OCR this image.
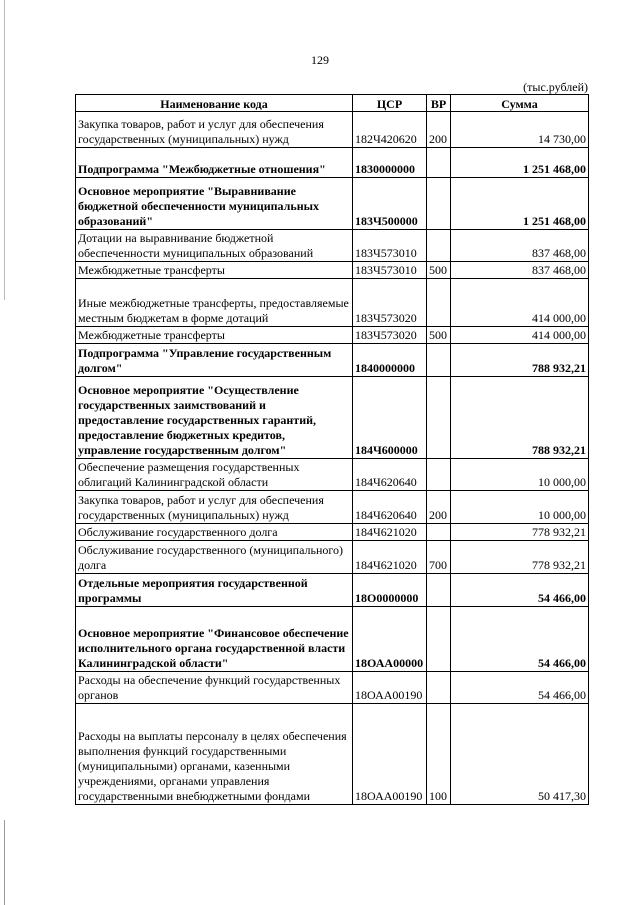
129
(тыс.рублей)
Наименование кода	ЦСР	ВР	Сумма
Закупка товаров, работ и услуг для обеспечения государственных (муниципальных) нужд	182Ч420620	200	14 730,00
Подпрограмма "Межбюджетные отношения"	1830000000		1 251 468,00
Основное мероприятие "Выравнивание бюджетной обеспеченности муниципальных образований"	183Ч500000		1 251 468,00
Дотации на выравнивание бюджетной обеспеченности муниципальных образований	183Ч573010		837 468,00
Межбюджетные трансферты	183Ч573010	500	837 468,00
Иные межбюджетные трансферты, предоставляемые местным бюджетам в форме дотаций	183Ч573020		414 000,00
Межбюджетные трансферты	183Ч573020	500	414 000,00
Подпрограмма "Управление государственным долгом"	1840000000		788 932,21
Основное мероприятие "Осуществление государственных заимствований и предоставление государственных гарантий, предоставление бюджетных кредитов, управление государственным долгом"	184Ч600000		788 932,21
Обеспечение размещения государственных облигаций Калининградской области	184Ч620640		10 000,00
Закупка товаров, работ и услуг для обеспечения государственных (муниципальных) нужд	184Ч620640	200	10 000,00
Обслуживание государственного долга	184Ч621020		778 932,21
Обслуживание государственного (муниципального) долга	184Ч621020	700	778 932,21
Отдельные мероприятия государственной программы	18О0000000		54 466,00
Основное мероприятие "Финансовое обеспечение исполнительного органа государственной власти Калининградской области"	18ОАА00000		54 466,00
Расходы на обеспечение функций государственных органов	18ОАА00190		54 466,00
Расходы на выплаты персоналу в целях обеспечения выполнения функций государственными (муниципальными) органами, казенными учреждениями, органами управления государственными внебюджетными фондами	18ОАА00190	100	50 417,30
